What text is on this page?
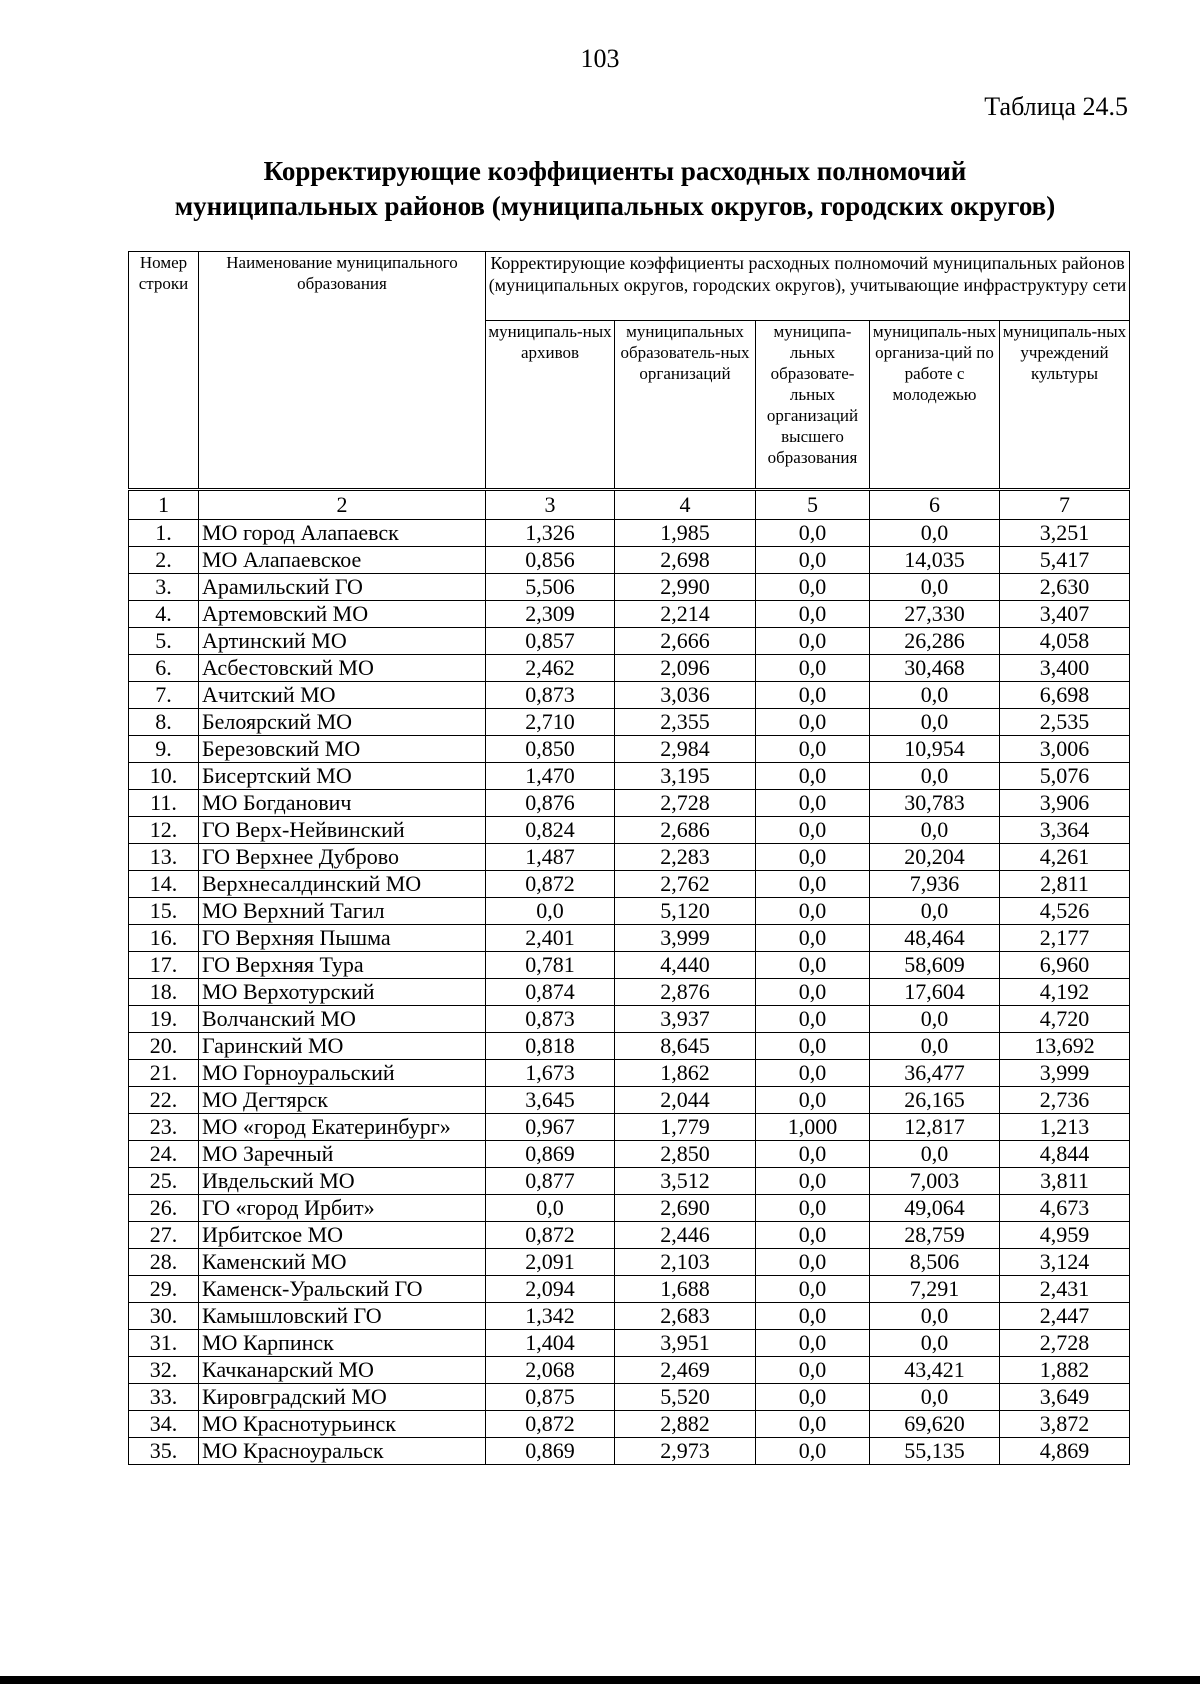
103
Таблица 24.5
Корректирующие коэффициенты расходных полномочий
муниципальных районов (муниципальных округов, городских округов)
Номер строки	Наименование муниципального образования	Корректирующие коэффициенты расходных полномочий муниципальных районов (муниципальных округов, городских округов), учитывающие инфраструктуру сети				
		муниципаль-ных архивов	муниципальных образователь-ных организаций	муниципа-льных образовате-льных организаций высшего образования	муниципаль-ных организа-ций по работе с молодежью	муниципаль-ных учреждений культуры
1	2	3	4	5	6	7
1.	МО город Алапаевск	1,326	1,985	0,0	0,0	3,251
2.	МО Алапаевское	0,856	2,698	0,0	14,035	5,417
3.	Арамильский ГО	5,506	2,990	0,0	0,0	2,630
4.	Артемовский МО	2,309	2,214	0,0	27,330	3,407
5.	Артинский МО	0,857	2,666	0,0	26,286	4,058
6.	Асбестовский МО	2,462	2,096	0,0	30,468	3,400
7.	Ачитский МО	0,873	3,036	0,0	0,0	6,698
8.	Белоярский МО	2,710	2,355	0,0	0,0	2,535
9.	Березовский МО	0,850	2,984	0,0	10,954	3,006
10.	Бисертский МО	1,470	3,195	0,0	0,0	5,076
11.	МО Богданович	0,876	2,728	0,0	30,783	3,906
12.	ГО Верх-Нейвинский	0,824	2,686	0,0	0,0	3,364
13.	ГО Верхнее Дуброво	1,487	2,283	0,0	20,204	4,261
14.	Верхнесалдинский МО	0,872	2,762	0,0	7,936	2,811
15.	МО Верхний Тагил	0,0	5,120	0,0	0,0	4,526
16.	ГО Верхняя Пышма	2,401	3,999	0,0	48,464	2,177
17.	ГО Верхняя Тура	0,781	4,440	0,0	58,609	6,960
18.	МО Верхотурский	0,874	2,876	0,0	17,604	4,192
19.	Волчанский МО	0,873	3,937	0,0	0,0	4,720
20.	Гаринский МО	0,818	8,645	0,0	0,0	13,692
21.	МО Горноуральский	1,673	1,862	0,0	36,477	3,999
22.	МО Дегтярск	3,645	2,044	0,0	26,165	2,736
23.	МО «город Екатеринбург»	0,967	1,779	1,000	12,817	1,213
24.	МО Заречный	0,869	2,850	0,0	0,0	4,844
25.	Ивдельский МО	0,877	3,512	0,0	7,003	3,811
26.	ГО «город Ирбит»	0,0	2,690	0,0	49,064	4,673
27.	Ирбитское МО	0,872	2,446	0,0	28,759	4,959
28.	Каменский МО	2,091	2,103	0,0	8,506	3,124
29.	Каменск-Уральский ГО	2,094	1,688	0,0	7,291	2,431
30.	Камышловский ГО	1,342	2,683	0,0	0,0	2,447
31.	МО Карпинск	1,404	3,951	0,0	0,0	2,728
32.	Качканарский МО	2,068	2,469	0,0	43,421	1,882
33.	Кировградский МО	0,875	5,520	0,0	0,0	3,649
34.	МО Краснотурьинск	0,872	2,882	0,0	69,620	3,872
35.	МО Красноуральск	0,869	2,973	0,0	55,135	4,869
